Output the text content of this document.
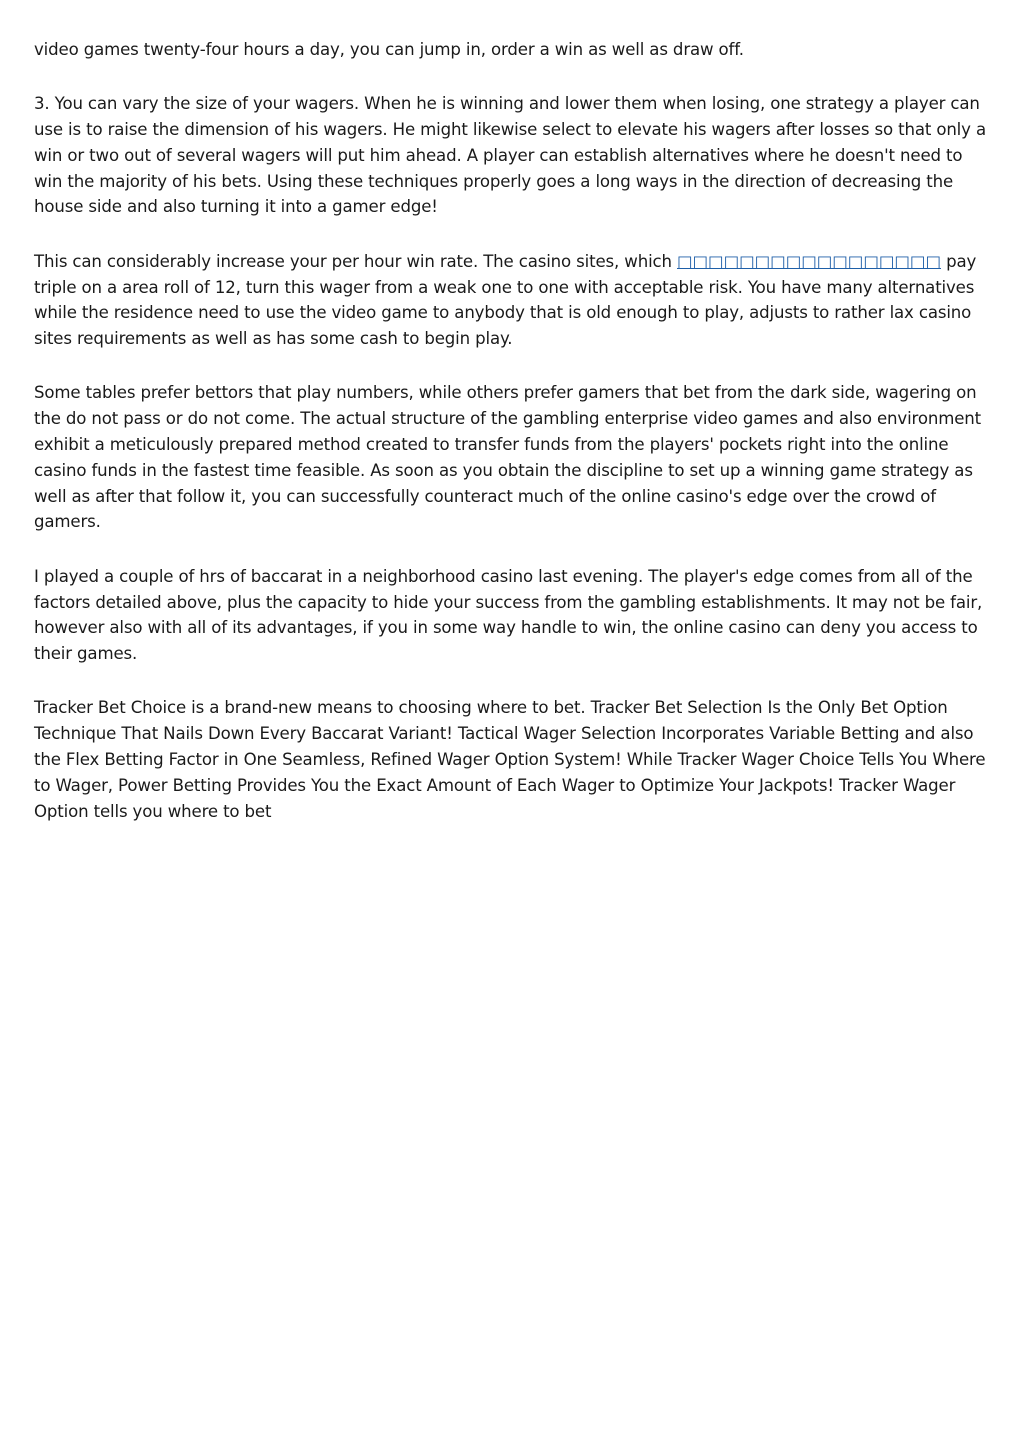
video games twenty-four hours a day, you can jump in, order a win as well as draw off.

3. You can vary the size of your wagers. When he is winning and lower them when losing, one strategy a player can use is to raise the dimension of his wagers. He might likewise select to elevate his wagers after losses so that only a win or two out of several wagers will put him ahead. A player can establish alternatives where he doesn't need to win the majority of his bets. Using these techniques properly goes a long ways in the direction of decreasing the house side and also turning it into a gamer edge!

This can considerably increase your per hour win rate. The casino sites, which □□□□□□□□□□□□□□□□□ pay triple on a area roll of 12, turn this wager from a weak one to one with acceptable risk. You have many alternatives while the residence need to use the video game to anybody that is old enough to play, adjusts to rather lax casino sites requirements as well as has some cash to begin play.

Some tables prefer bettors that play numbers, while others prefer gamers that bet from the dark side, wagering on the do not pass or do not come. The actual structure of the gambling enterprise video games and also environment exhibit a meticulously prepared method created to transfer funds from the players' pockets right into the online casino funds in the fastest time feasible. As soon as you obtain the discipline to set up a winning game strategy as well as after that follow it, you can successfully counteract much of the online casino's edge over the crowd of gamers.

I played a couple of hrs of baccarat in a neighborhood casino last evening. The player's edge comes from all of the factors detailed above, plus the capacity to hide your success from the gambling establishments. It may not be fair, however also with all of its advantages, if you in some way handle to win, the online casino can deny you access to their games.

Tracker Bet Choice is a brand-new means to choosing where to bet. Tracker Bet Selection Is the Only Bet Option Technique That Nails Down Every Baccarat Variant! Tactical Wager Selection Incorporates Variable Betting and also the Flex Betting Factor in One Seamless, Refined Wager Option System! While Tracker Wager Choice Tells You Where to Wager, Power Betting Provides You the Exact Amount of Each Wager to Optimize Your Jackpots! Tracker Wager Option tells you where to bet
